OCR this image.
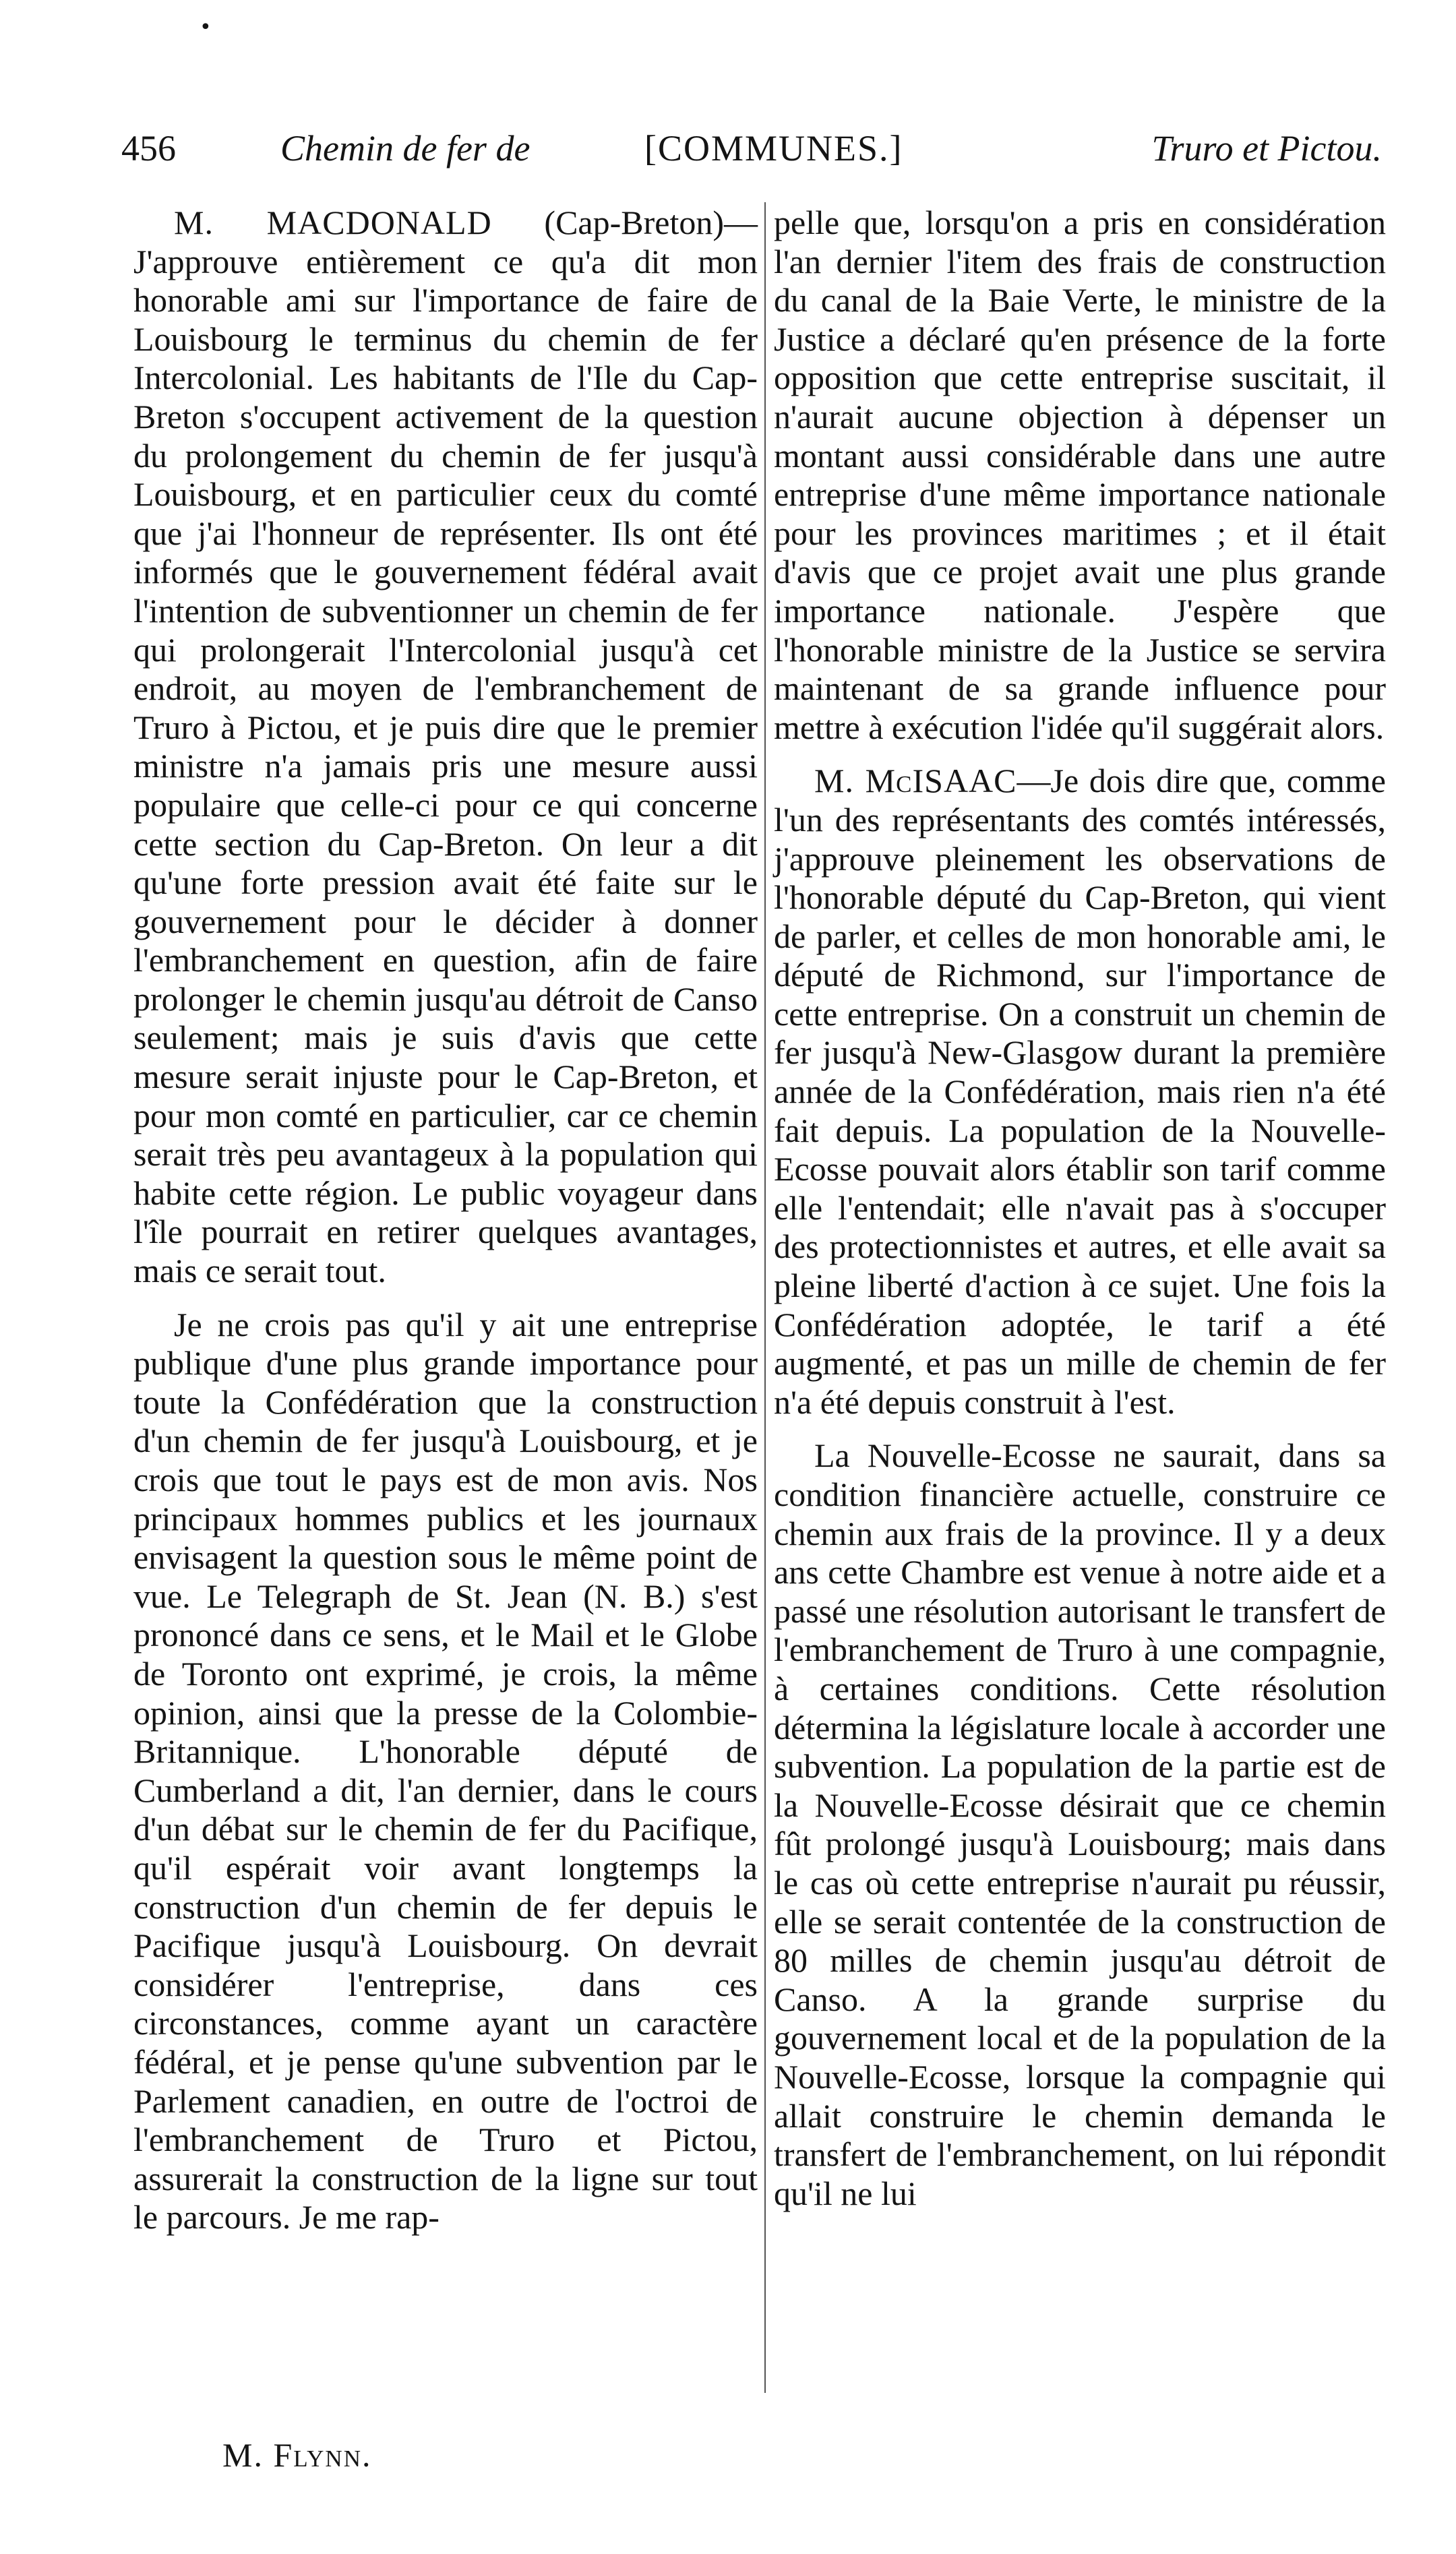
•
456	Chemin de fer de	[COMMUNES.]	Truro et Pictou.

M. MACDONALD (Cap-Breton)— J'approuve entièrement ce qu'a dit mon honorable ami sur l'importance de faire de Louisbourg le terminus du chemin de fer Intercolonial. Les habitants de l'Ile du Cap-Breton s'occupent activement de la question du prolongement du chemin de fer jusqu'à Louisbourg, et en particulier ceux du comté que j'ai l'honneur de représenter. Ils ont été informés que le gouvernement fédéral avait l'intention de subventionner un chemin de fer qui prolongerait l'Intercolonial jusqu'à cet endroit, au moyen de l'embranchement de Truro à Pictou, et je puis dire que le premier ministre n'a jamais pris une mesure aussi populaire que celle-ci pour ce qui concerne cette section du Cap-Breton. On leur a dit qu'une forte pression avait été faite sur le gouvernement pour le décider à donner l'embranchement en question, afin de faire prolonger le chemin jusqu'au détroit de Canso seulement; mais je suis d'avis que cette mesure serait injuste pour le Cap-Breton, et pour mon comté en particulier, car ce chemin serait très peu avantageux à la population qui habite cette région. Le public voyageur dans l'île pourrait en retirer quelques avantages, mais ce serait tout.

Je ne crois pas qu'il y ait une entreprise publique d'une plus grande importance pour toute la Confédération que la construction d'un chemin de fer jusqu'à Louisbourg, et je crois que tout le pays est de mon avis. Nos principaux hommes publics et les journaux envisagent la question sous le même point de vue. Le Telegraph de St. Jean (N. B.) s'est prononcé dans ce sens, et le Mail et le Globe de Toronto ont exprimé, je crois, la même opinion, ainsi que la presse de la Colombie-Britannique. L'honorable député de Cumberland a dit, l'an dernier, dans le cours d'un débat sur le chemin de fer du Pacifique, qu'il espérait voir avant longtemps la construction d'un chemin de fer depuis le Pacifique jusqu'à Louisbourg. On devrait considérer l'entreprise, dans ces circonstances, comme ayant un caractère fédéral, et je pense qu'une subvention par le Parlement canadien, en outre de l'octroi de l'embranchement de Truro et Pictou, assurerait la construction de la ligne sur tout le parcours. Je me rap-

pelle que, lorsqu'on a pris en considération l'an dernier l'item des frais de construction du canal de la Baie Verte, le ministre de la Justice a déclaré qu'en présence de la forte opposition que cette entreprise suscitait, il n'aurait aucune objection à dépenser un montant aussi considérable dans une autre entreprise d'une même importance nationale pour les provinces maritimes ; et il était d'avis que ce projet avait une plus grande importance nationale. J'espère que l'honorable ministre de la Justice se servira maintenant de sa grande influence pour mettre à exécution l'idée qu'il suggérait alors.

M. McISAAC—Je dois dire que, comme l'un des représentants des comtés intéressés, j'approuve pleinement les observations de l'honorable député du Cap-Breton, qui vient de parler, et celles de mon honorable ami, le député de Richmond, sur l'importance de cette entreprise. On a construit un chemin de fer jusqu'à New-Glasgow durant la première année de la Confédération, mais rien n'a été fait depuis. La population de la Nouvelle-Ecosse pouvait alors établir son tarif comme elle l'entendait; elle n'avait pas à s'occuper des protectionnistes et autres, et elle avait sa pleine liberté d'action à ce sujet. Une fois la Confédération adoptée, le tarif a été augmenté, et pas un mille de chemin de fer n'a été depuis construit à l'est.

La Nouvelle-Ecosse ne saurait, dans sa condition financière actuelle, construire ce chemin aux frais de la province. Il y a deux ans cette Chambre est venue à notre aide et a passé une résolution autorisant le transfert de l'embranchement de Truro à une compagnie, à certaines conditions. Cette résolution détermina la législature locale à accorder une subvention. La population de la partie est de la Nouvelle-Ecosse désirait que ce chemin fût prolongé jusqu'à Louisbourg; mais dans le cas où cette entreprise n'aurait pu réussir, elle se serait contentée de la construction de 80 milles de chemin jusqu'au détroit de Canso. A la grande surprise du gouvernement local et de la population de la Nouvelle-Ecosse, lorsque la compagnie qui allait construire le chemin demanda le transfert de l'embranchement, on lui répondit qu'il ne lui

M. Flynn.
